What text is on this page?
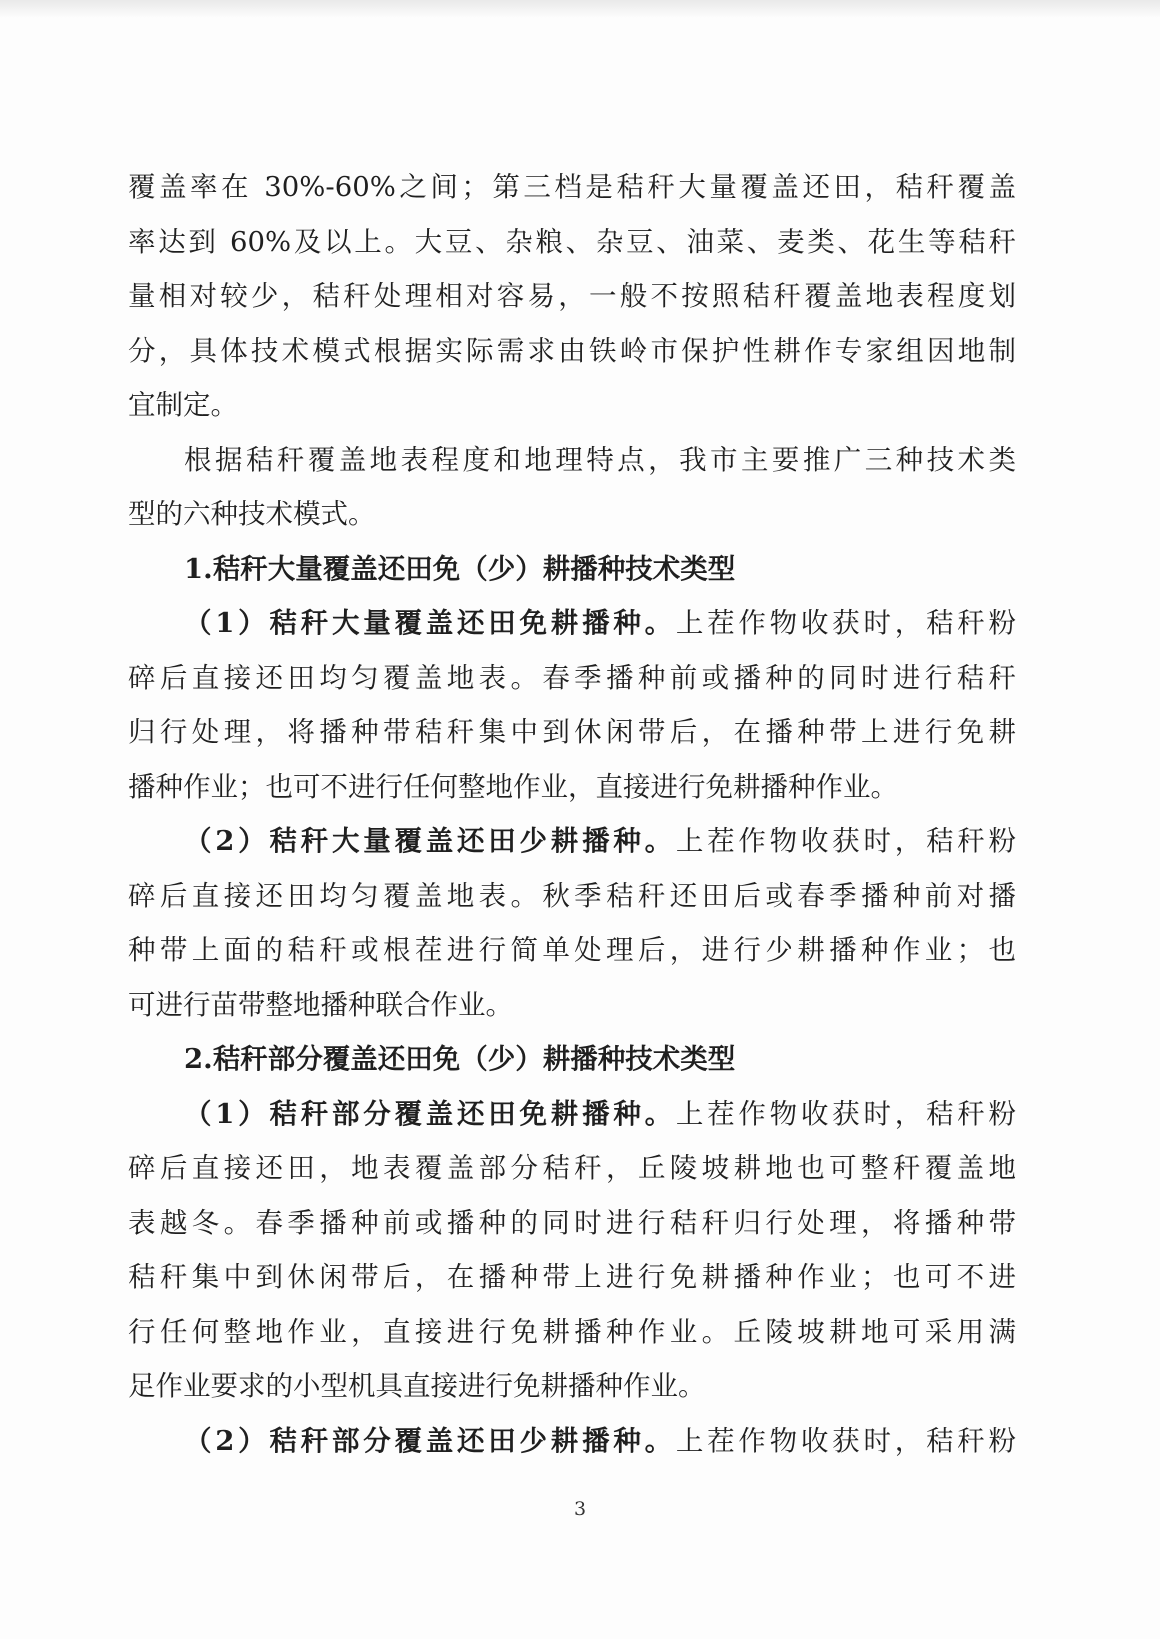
覆盖率在 30%-60%之间；第三档是秸秆大量覆盖还田，秸秆覆盖
率达到 60%及以上。大豆、杂粮、杂豆、油菜、麦类、花生等秸秆
量相对较少，秸秆处理相对容易，一般不按照秸秆覆盖地表程度划
分，具体技术模式根据实际需求由铁岭市保护性耕作专家组因地制
宜制定。
根据秸秆覆盖地表程度和地理特点，我市主要推广三种技术类
型的六种技术模式。
1.秸秆大量覆盖还田免（少）耕播种技术类型
（1）秸秆大量覆盖还田免耕播种。上茬作物收获时，秸秆粉
碎后直接还田均匀覆盖地表。春季播种前或播种的同时进行秸秆
归行处理，将播种带秸秆集中到休闲带后，在播种带上进行免耕
播种作业；也可不进行任何整地作业，直接进行免耕播种作业。
（2）秸秆大量覆盖还田少耕播种。上茬作物收获时，秸秆粉
碎后直接还田均匀覆盖地表。秋季秸秆还田后或春季播种前对播
种带上面的秸秆或根茬进行简单处理后，进行少耕播种作业；也
可进行苗带整地播种联合作业。
2.秸秆部分覆盖还田免（少）耕播种技术类型
（1）秸秆部分覆盖还田免耕播种。上茬作物收获时，秸秆粉
碎后直接还田，地表覆盖部分秸秆，丘陵坡耕地也可整秆覆盖地
表越冬。春季播种前或播种的同时进行秸秆归行处理，将播种带
秸秆集中到休闲带后，在播种带上进行免耕播种作业；也可不进
行任何整地作业，直接进行免耕播种作业。丘陵坡耕地可采用满
足作业要求的小型机具直接进行免耕播种作业。
（2）秸秆部分覆盖还田少耕播种。上茬作物收获时，秸秆粉
3
